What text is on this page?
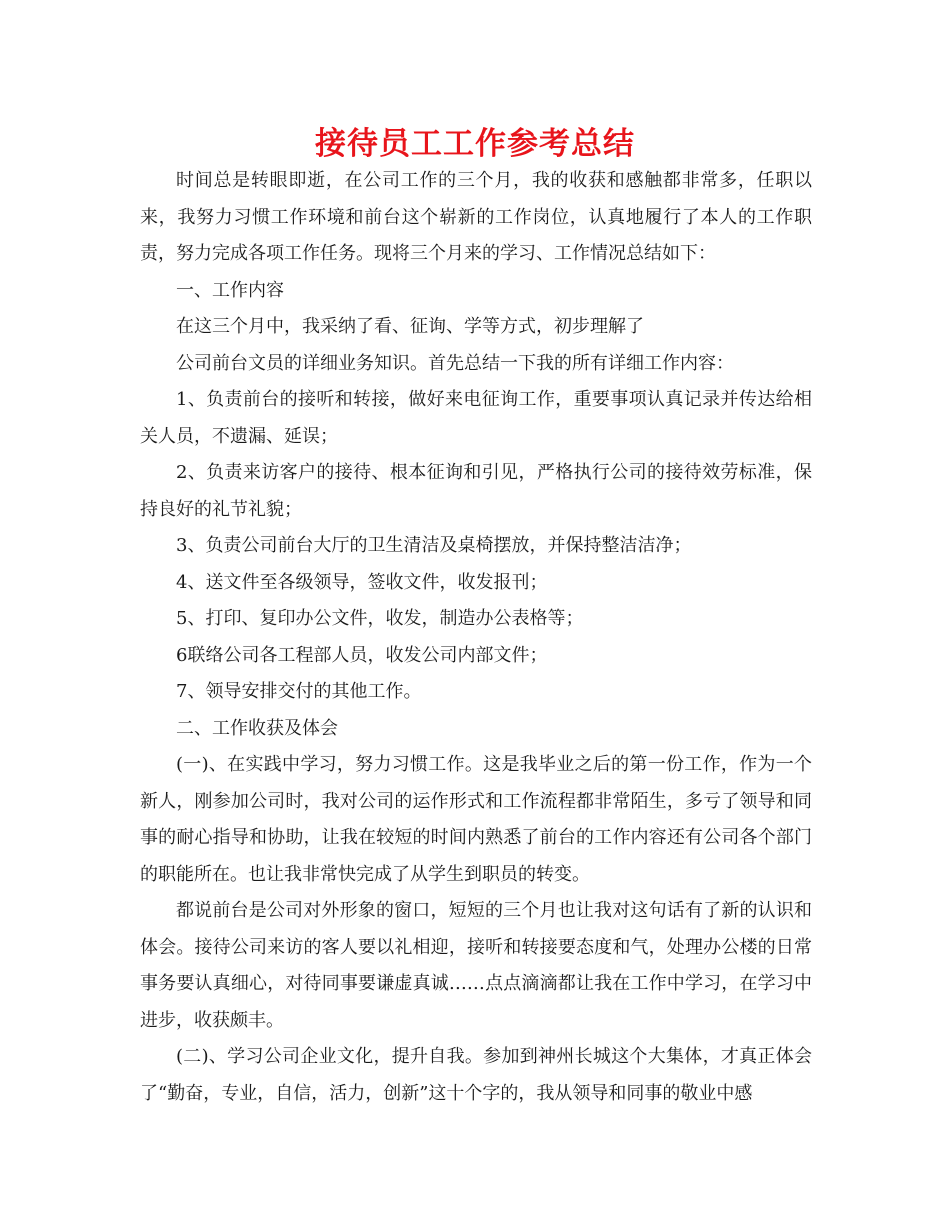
接待员工工作参考总结

时间总是转眼即逝，在公司工作的三个月，我的收获和感触都非常多，任职以来，我努力习惯工作环境和前台这个崭新的工作岗位，认真地履行了本人的工作职责，努力完成各项工作任务。现将三个月来的学习、工作情况总结如下：

一、工作内容

在这三个月中，我采纳了看、征询、学等方式，初步理解了

公司前台文员的详细业务知识。首先总结一下我的所有详细工作内容：

1、负责前台的接听和转接，做好来电征询工作，重要事项认真记录并传达给相关人员，不遗漏、延误；

2、负责来访客户的接待、根本征询和引见，严格执行公司的接待效劳标准，保持良好的礼节礼貌；

3、负责公司前台大厅的卫生清洁及桌椅摆放，并保持整洁洁净；

4、送文件至各级领导，签收文件，收发报刊；

5、打印、复印办公文件，收发，制造办公表格等；

6联络公司各工程部人员，收发公司内部文件；

7、领导安排交付的其他工作。

二、工作收获及体会

(一)、在实践中学习，努力习惯工作。这是我毕业之后的第一份工作，作为一个新人，刚参加公司时，我对公司的运作形式和工作流程都非常陌生，多亏了领导和同事的耐心指导和协助，让我在较短的时间内熟悉了前台的工作内容还有公司各个部门的职能所在。也让我非常快完成了从学生到职员的转变。

都说前台是公司对外形象的窗口，短短的三个月也让我对这句话有了新的认识和体会。接待公司来访的客人要以礼相迎，接听和转接要态度和气，处理办公楼的日常事务要认真细心，对待同事要谦虚真诚……点点滴滴都让我在工作中学习，在学习中进步，收获颇丰。

(二)、学习公司企业文化，提升自我。参加到神州长城这个大集体，才真正体会了“勤奋，专业，自信，活力，创新”这十个字的，我从领导和同事的敬业中感
